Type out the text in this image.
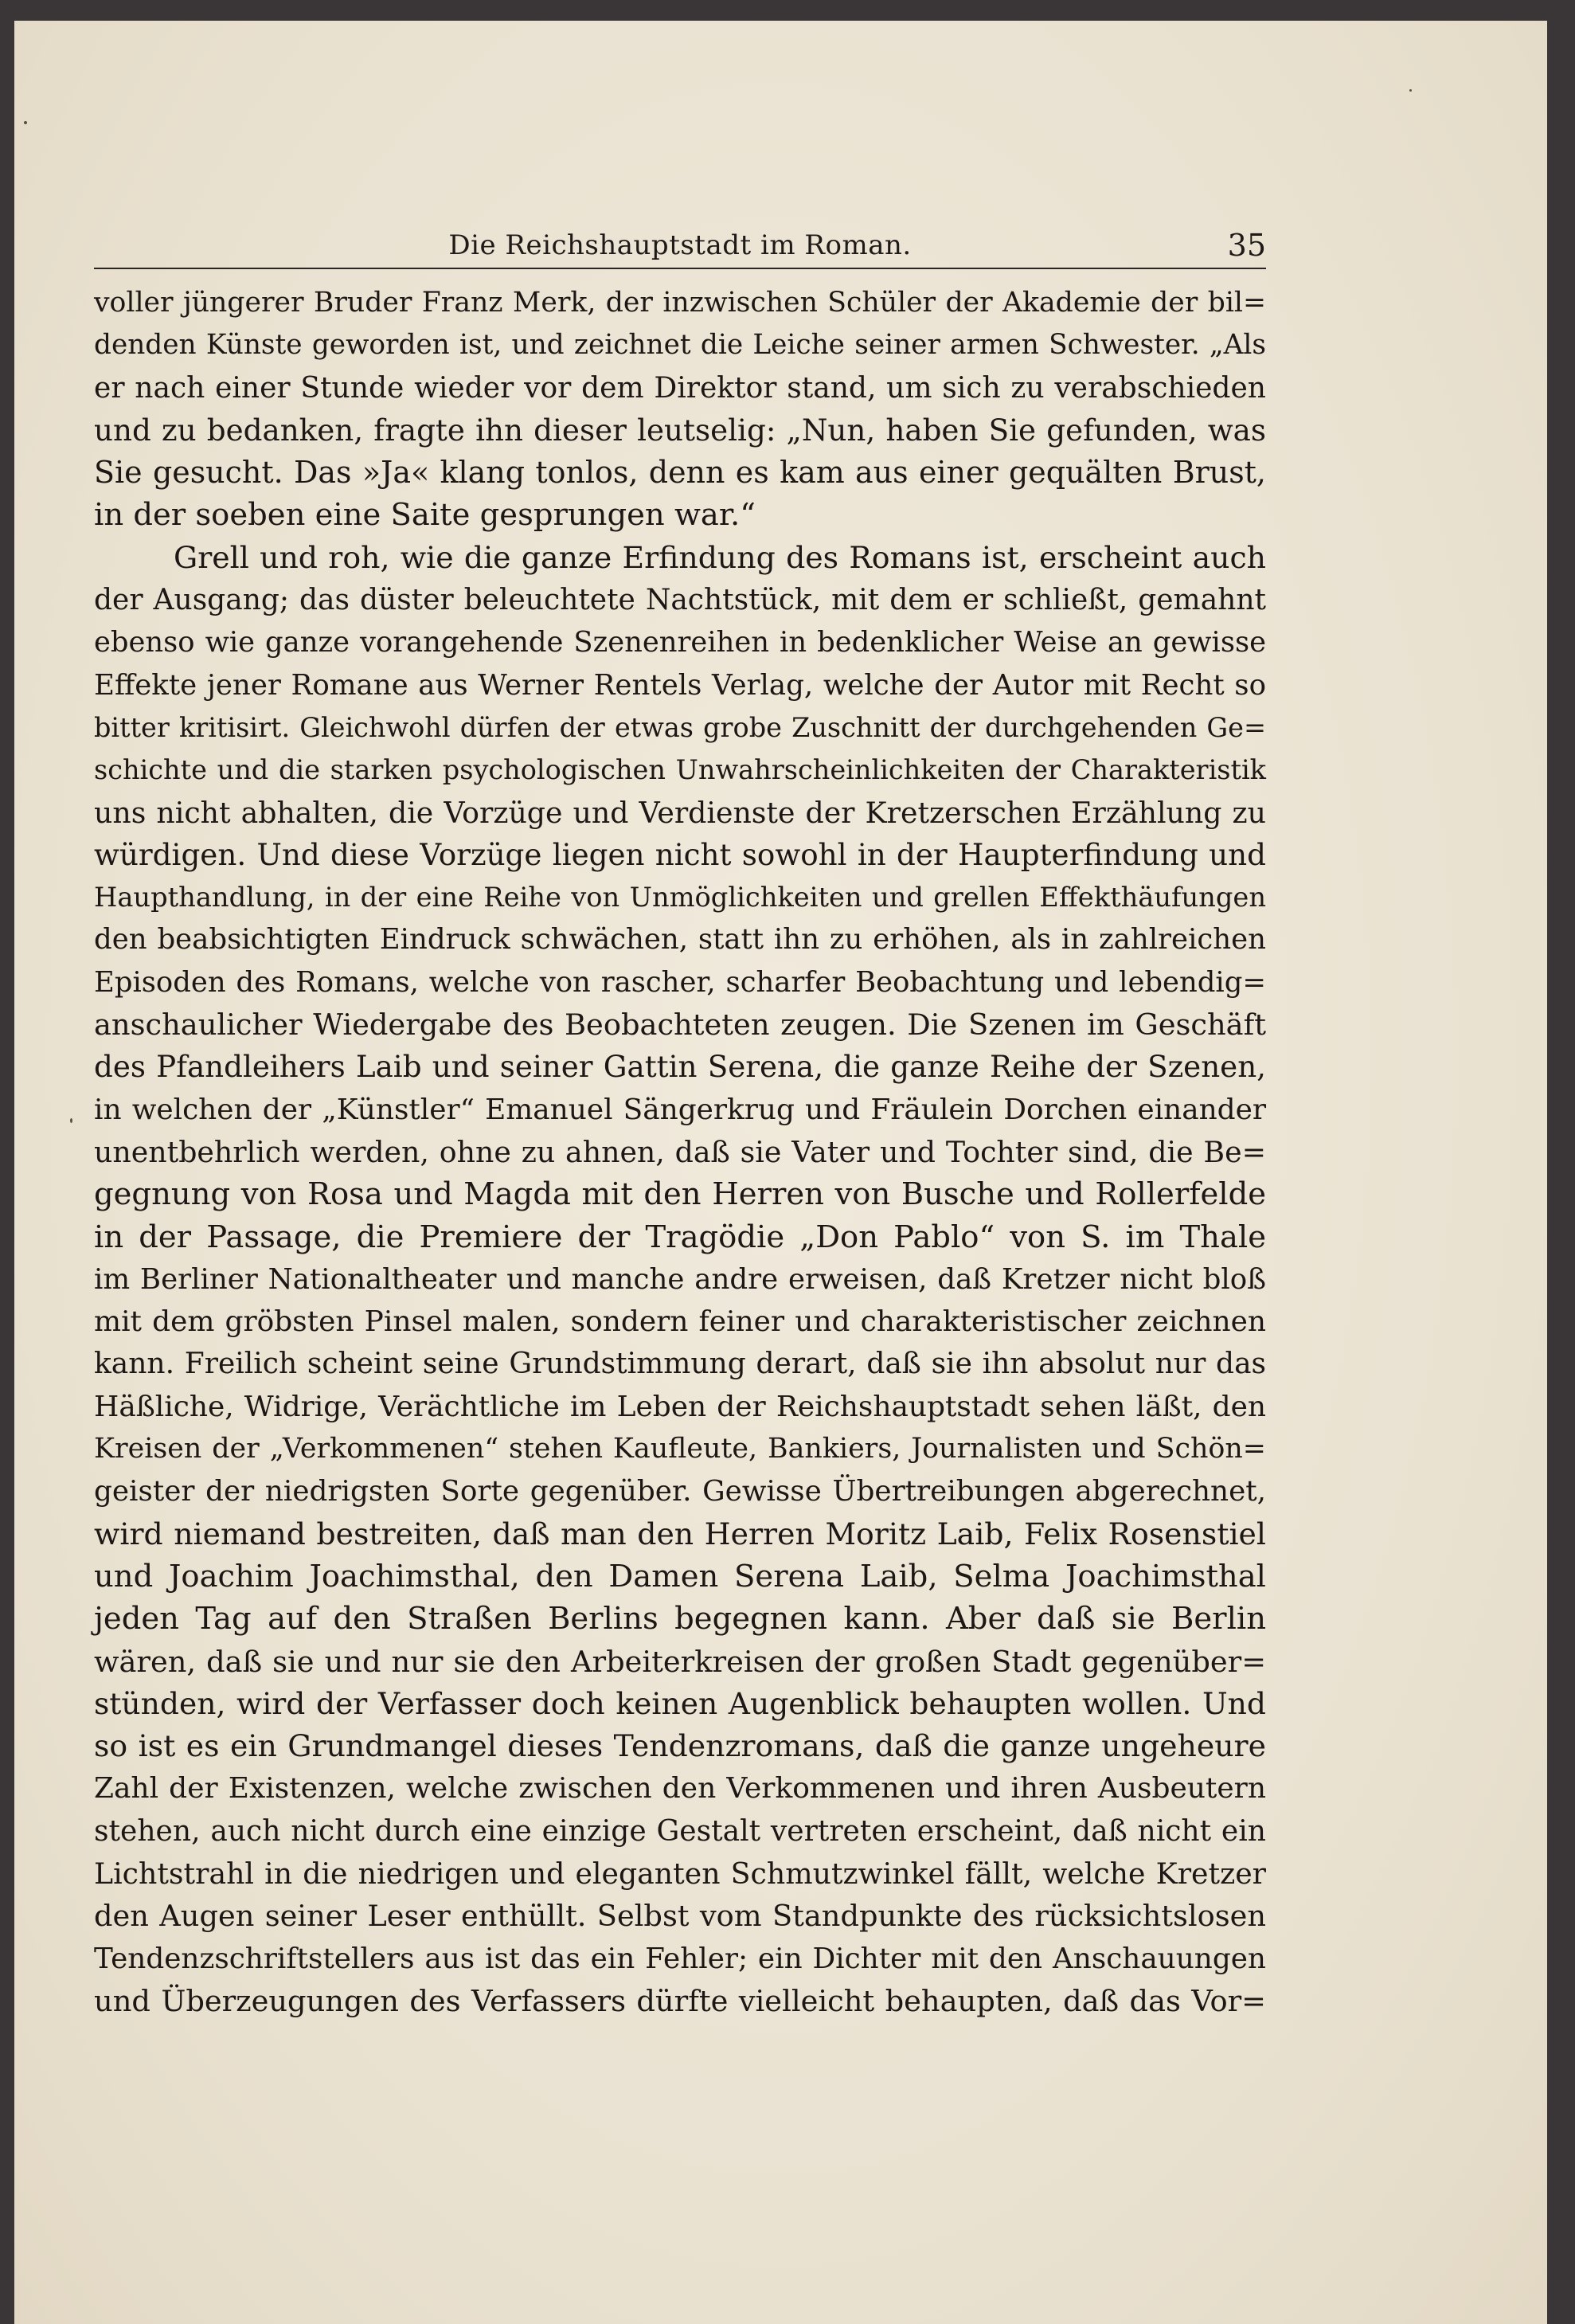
Die Reichshauptstadt im Roman.	35
voller jüngerer Bruder Franz Merk, der inzwischen Schüler der Akademie der bil=
denden Künste geworden ist, und zeichnet die Leiche seiner armen Schwester. „Als
er nach einer Stunde wieder vor dem Direktor stand, um sich zu verabschieden
und zu bedanken, fragte ihn dieser leutselig: „Nun, haben Sie gefunden, was
Sie gesucht. Das »Ja« klang tonlos, denn es kam aus einer gequälten Brust,
in der soeben eine Saite gesprungen war.“
Grell und roh, wie die ganze Erfindung des Romans ist, erscheint auch
der Ausgang; das düster beleuchtete Nachtstück, mit dem er schließt, gemahnt
ebenso wie ganze vorangehende Szenenreihen in bedenklicher Weise an gewisse
Effekte jener Romane aus Werner Rentels Verlag, welche der Autor mit Recht so
bitter kritisirt. Gleichwohl dürfen der etwas grobe Zuschnitt der durchgehenden Ge=
schichte und die starken psychologischen Unwahrscheinlichkeiten der Charakteristik
uns nicht abhalten, die Vorzüge und Verdienste der Kretzerschen Erzählung zu
würdigen. Und diese Vorzüge liegen nicht sowohl in der Haupterfindung und
Haupthandlung, in der eine Reihe von Unmöglichkeiten und grellen Effekthäufungen
den beabsichtigten Eindruck schwächen, statt ihn zu erhöhen, als in zahlreichen
Episoden des Romans, welche von rascher, scharfer Beobachtung und lebendig=
anschaulicher Wiedergabe des Beobachteten zeugen. Die Szenen im Geschäft
des Pfandleihers Laib und seiner Gattin Serena, die ganze Reihe der Szenen,
in welchen der „Künstler“ Emanuel Sängerkrug und Fräulein Dorchen einander
unentbehrlich werden, ohne zu ahnen, daß sie Vater und Tochter sind, die Be=
gegnung von Rosa und Magda mit den Herren von Busche und Rollerfelde
in der Passage, die Premiere der Tragödie „Don Pablo“ von S. im Thale
im Berliner Nationaltheater und manche andre erweisen, daß Kretzer nicht bloß
mit dem gröbsten Pinsel malen, sondern feiner und charakteristischer zeichnen
kann. Freilich scheint seine Grundstimmung derart, daß sie ihn absolut nur das
Häßliche, Widrige, Verächtliche im Leben der Reichshauptstadt sehen läßt, den
Kreisen der „Verkommenen“ stehen Kaufleute, Bankiers, Journalisten und Schön=
geister der niedrigsten Sorte gegenüber. Gewisse Übertreibungen abgerechnet,
wird niemand bestreiten, daß man den Herren Moritz Laib, Felix Rosenstiel
und Joachim Joachimsthal, den Damen Serena Laib, Selma Joachimsthal
jeden Tag auf den Straßen Berlins begegnen kann. Aber daß sie Berlin
wären, daß sie und nur sie den Arbeiterkreisen der großen Stadt gegenüber=
stünden, wird der Verfasser doch keinen Augenblick behaupten wollen. Und
so ist es ein Grundmangel dieses Tendenzromans, daß die ganze ungeheure
Zahl der Existenzen, welche zwischen den Verkommenen und ihren Ausbeutern
stehen, auch nicht durch eine einzige Gestalt vertreten erscheint, daß nicht ein
Lichtstrahl in die niedrigen und eleganten Schmutzwinkel fällt, welche Kretzer
den Augen seiner Leser enthüllt. Selbst vom Standpunkte des rücksichtslosen
Tendenzschriftstellers aus ist das ein Fehler; ein Dichter mit den Anschauungen
und Überzeugungen des Verfassers dürfte vielleicht behaupten, daß das Vor=
